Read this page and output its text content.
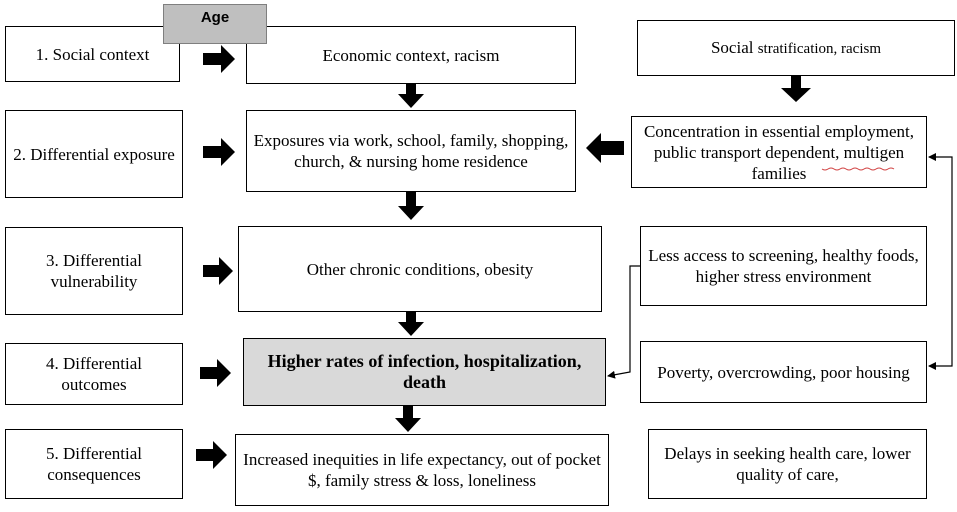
1. Social context
2. Differential exposure
3. Differential vulnerability
4. Differential outcomes
5. Differential consequences
Economic context, racism
Exposures via work, school, family, shopping, church, & nursing home residence
Other chronic conditions, obesity
Higher rates of infection, hospitalization, death
Increased inequities in life expectancy, out of pocket $, family stress & loss, loneliness
Social stratification, racism
Concentration in essential employment, public transport dependent, multigen families
Less access to screening, healthy foods, higher stress environment
Poverty, overcrowding, poor housing
Delays in seeking health care, lower quality of care,
Age
